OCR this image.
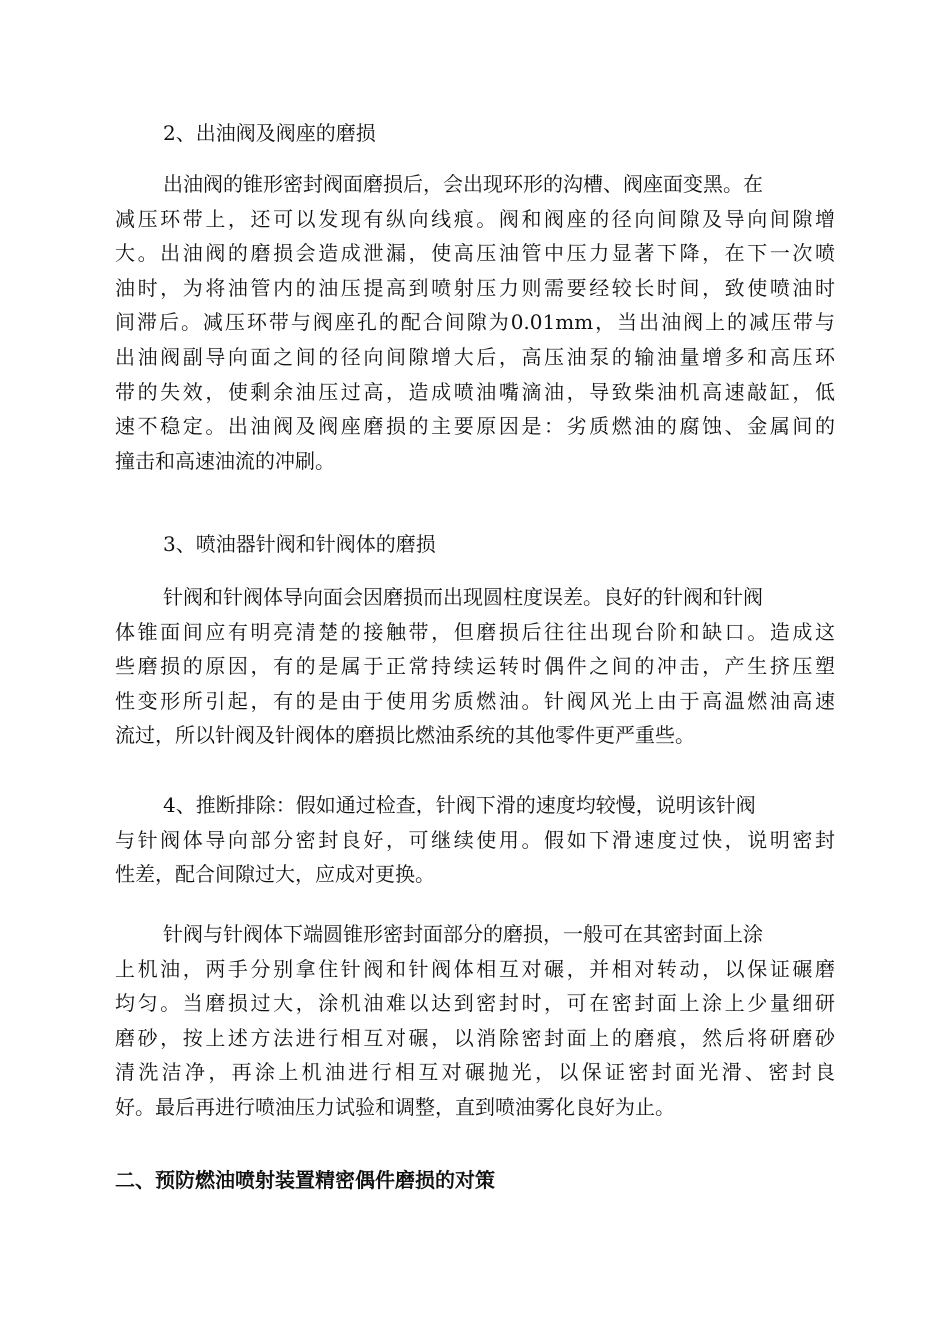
2、出油阀及阀座的磨损

出油阀的锥形密封阀面磨损后，会出现环形的沟槽、阀座面变黑。在
减压环带上，还可以发现有纵向线痕。阀和阀座的径向间隙及导向间隙增
大。出油阀的磨损会造成泄漏，使高压油管中压力显著下降，在下一次喷
油时，为将油管内的油压提高到喷射压力则需要经较长时间，致使喷油时
间滞后。减压环带与阀座孔的配合间隙为0.01mm，当出油阀上的减压带与
出油阀副导向面之间的径向间隙增大后，高压油泵的输油量增多和高压环
带的失效，使剩余油压过高，造成喷油嘴滴油，导致柴油机高速敲缸，低
速不稳定。出油阀及阀座磨损的主要原因是：劣质燃油的腐蚀、金属间的
撞击和高速油流的冲刷。

3、喷油器针阀和针阀体的磨损

针阀和针阀体导向面会因磨损而出现圆柱度误差。良好的针阀和针阀
体锥面间应有明亮清楚的接触带，但磨损后往往出现台阶和缺口。造成这
些磨损的原因，有的是属于正常持续运转时偶件之间的冲击，产生挤压塑
性变形所引起，有的是由于使用劣质燃油。针阀风光上由于高温燃油高速
流过，所以针阀及针阀体的磨损比燃油系统的其他零件更严重些。
4、推断排除：假如通过检查，针阀下滑的速度均较慢，说明该针阀
与针阀体导向部分密封良好，可继续使用。假如下滑速度过快，说明密封
性差，配合间隙过大，应成对更换。
针阀与针阀体下端圆锥形密封面部分的磨损，一般可在其密封面上涂
上机油，两手分别拿住针阀和针阀体相互对碾，并相对转动，以保证碾磨
均匀。当磨损过大，涂机油难以达到密封时，可在密封面上涂上少量细研
磨砂，按上述方法进行相互对碾，以消除密封面上的磨痕，然后将研磨砂
清洗洁净，再涂上机油进行相互对碾抛光，以保证密封面光滑、密封良
好。最后再进行喷油压力试验和调整，直到喷油雾化良好为止。

二、预防燃油喷射装置精密偶件磨损的对策
